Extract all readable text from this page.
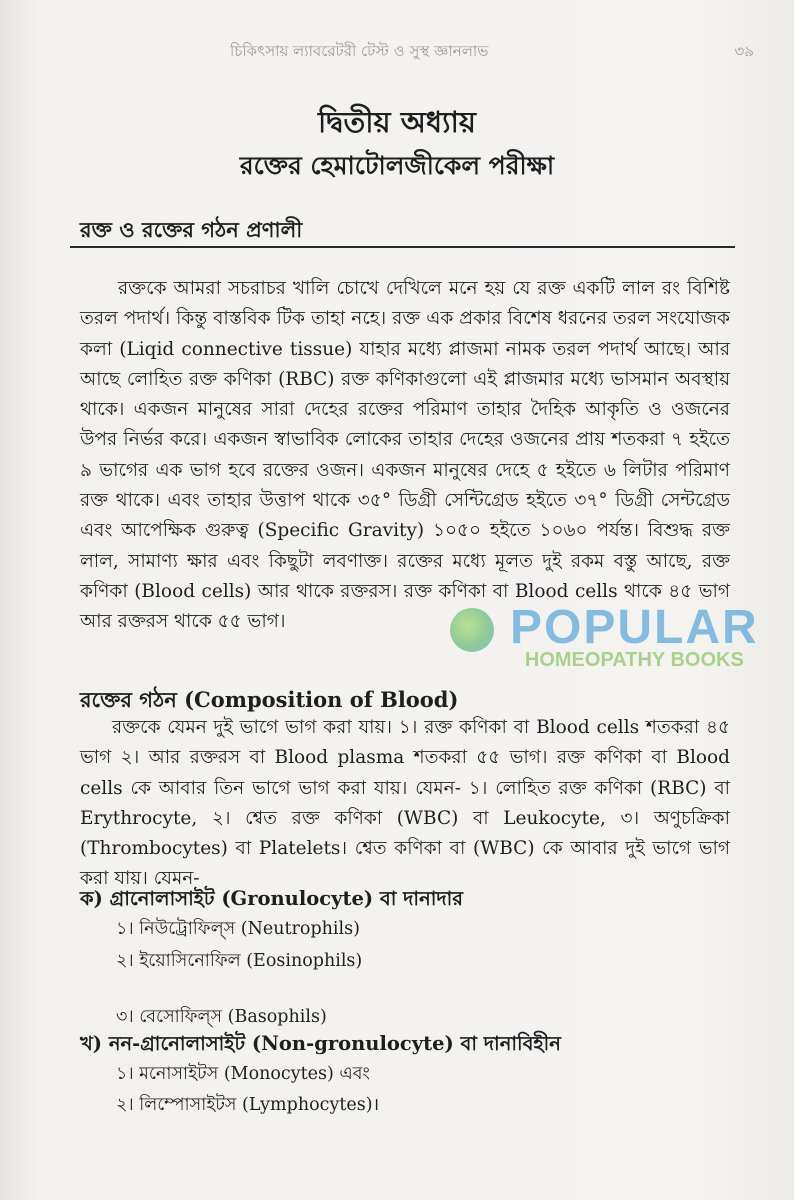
চিকিৎসায় ল্যাবরেটরী টেস্ট ও সুস্থ জ্ঞানলাভ	৩৯
দ্বিতীয় অধ্যায়
রক্তের হেমাটোলজীকেল পরীক্ষা
রক্ত ও রক্তের গঠন প্রণালী

রক্তকে আমরা সচরাচর খালি চোখে দেখিলে মনে হয় যে রক্ত একটি লাল রং বিশিষ্ট তরল পদার্থ। কিন্তু বাস্তবিক টিক তাহা নহে। রক্ত এক প্রকার বিশেষ ধরনের তরল সংযোজক কলা (Liqid connective tissue) যাহার মধ্যে প্লাজমা নামক তরল পদার্থ আছে। আর আছে লোহিত রক্ত কণিকা (RBC) রক্ত কণিকাগুলো এই প্লাজমার মধ্যে ভাসমান অবস্থায় থাকে। একজন মানুষের সারা দেহের রক্তের পরিমাণ তাহার দৈহিক আকৃতি ও ওজনের উপর নির্ভর করে। একজন স্বাভাবিক লোকের তাহার দেহের ওজনের প্রায় শতকরা ৭ হইতে ৯ ভাগের এক ভাগ হবে রক্তের ওজন। একজন মানুষের দেহে ৫ হইতে ৬ লিটার পরিমাণ রক্ত থাকে। এবং তাহার উত্তাপ থাকে ৩৫° ডিগ্রী সেন্টিগ্রেড হইতে ৩৭° ডিগ্রী সেন্টগ্রেড এবং আপেক্ষিক গুরুত্ব (Specific Gravity) ১০৫০ হইতে ১০৬০ পর্যন্ত। বিশুদ্ধ রক্ত লাল, সামাণ্য ক্ষার এবং কিছুটা লবণাক্ত। রক্তের মধ্যে মূলত দুই রকম বস্তু আছে, রক্ত কণিকা (Blood cells) আর থাকে রক্তরস। রক্ত কণিকা বা Blood cells থাকে ৪৫ ভাগ আর রক্তরস থাকে ৫৫ ভাগ।

রক্তের গঠন (Composition of Blood)

রক্তকে যেমন দুই ভাগে ভাগ করা যায়। ১। রক্ত কণিকা বা Blood cells শতকরা ৪৫ ভাগ ২। আর রক্তরস বা Blood plasma শতকরা ৫৫ ভাগ। রক্ত কণিকা বা Blood cells কে আবার তিন ভাগে ভাগ করা যায়। যেমন- ১। লোহিত রক্ত কণিকা (RBC) বা Erythrocyte, ২। শ্বেত রক্ত কণিকা (WBC) বা Leukocyte, ৩। অণুচক্রিকা (Thrombocytes) বা Platelets। শ্বেত কণিকা বা (WBC) কে আবার দুই ভাগে ভাগ করা যায়। যেমন-

ক) গ্রানোলাসাইট (Gronulocyte) বা দানাদার
১। নিউট্রোফিল্‌স (Neutrophils)
২। ইয়োসিনোফিল (Eosinophils)
৩। বেসোফিল্‌স (Basophils)
খ) নন-গ্রানোলাসাইট (Non-gronulocyte) বা দানাবিহীন
১। মনোসাইটস (Monocytes) এবং
২। লিম্পোসাইটস (Lymphocytes)।
POPULAR
HOMEOPATHY BOOKS
